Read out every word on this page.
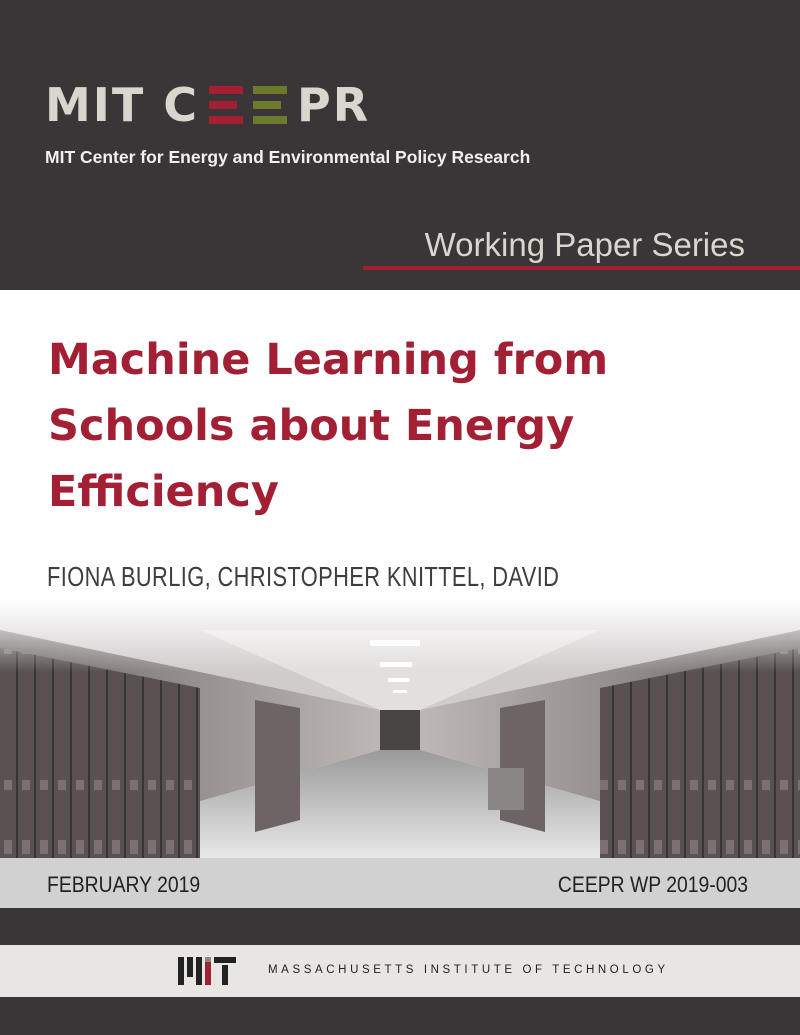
MIT C PR
MIT Center for Energy and Environmental Policy Research
Working Paper Series
Machine Learning from Schools about Energy Efficiency
FIONA BURLIG, CHRISTOPHER KNITTEL, DAVID
FEBRUARY 2019	CEEPR WP 2019-003
MASSACHUSETTS INSTITUTE OF TECHNOLOGY
